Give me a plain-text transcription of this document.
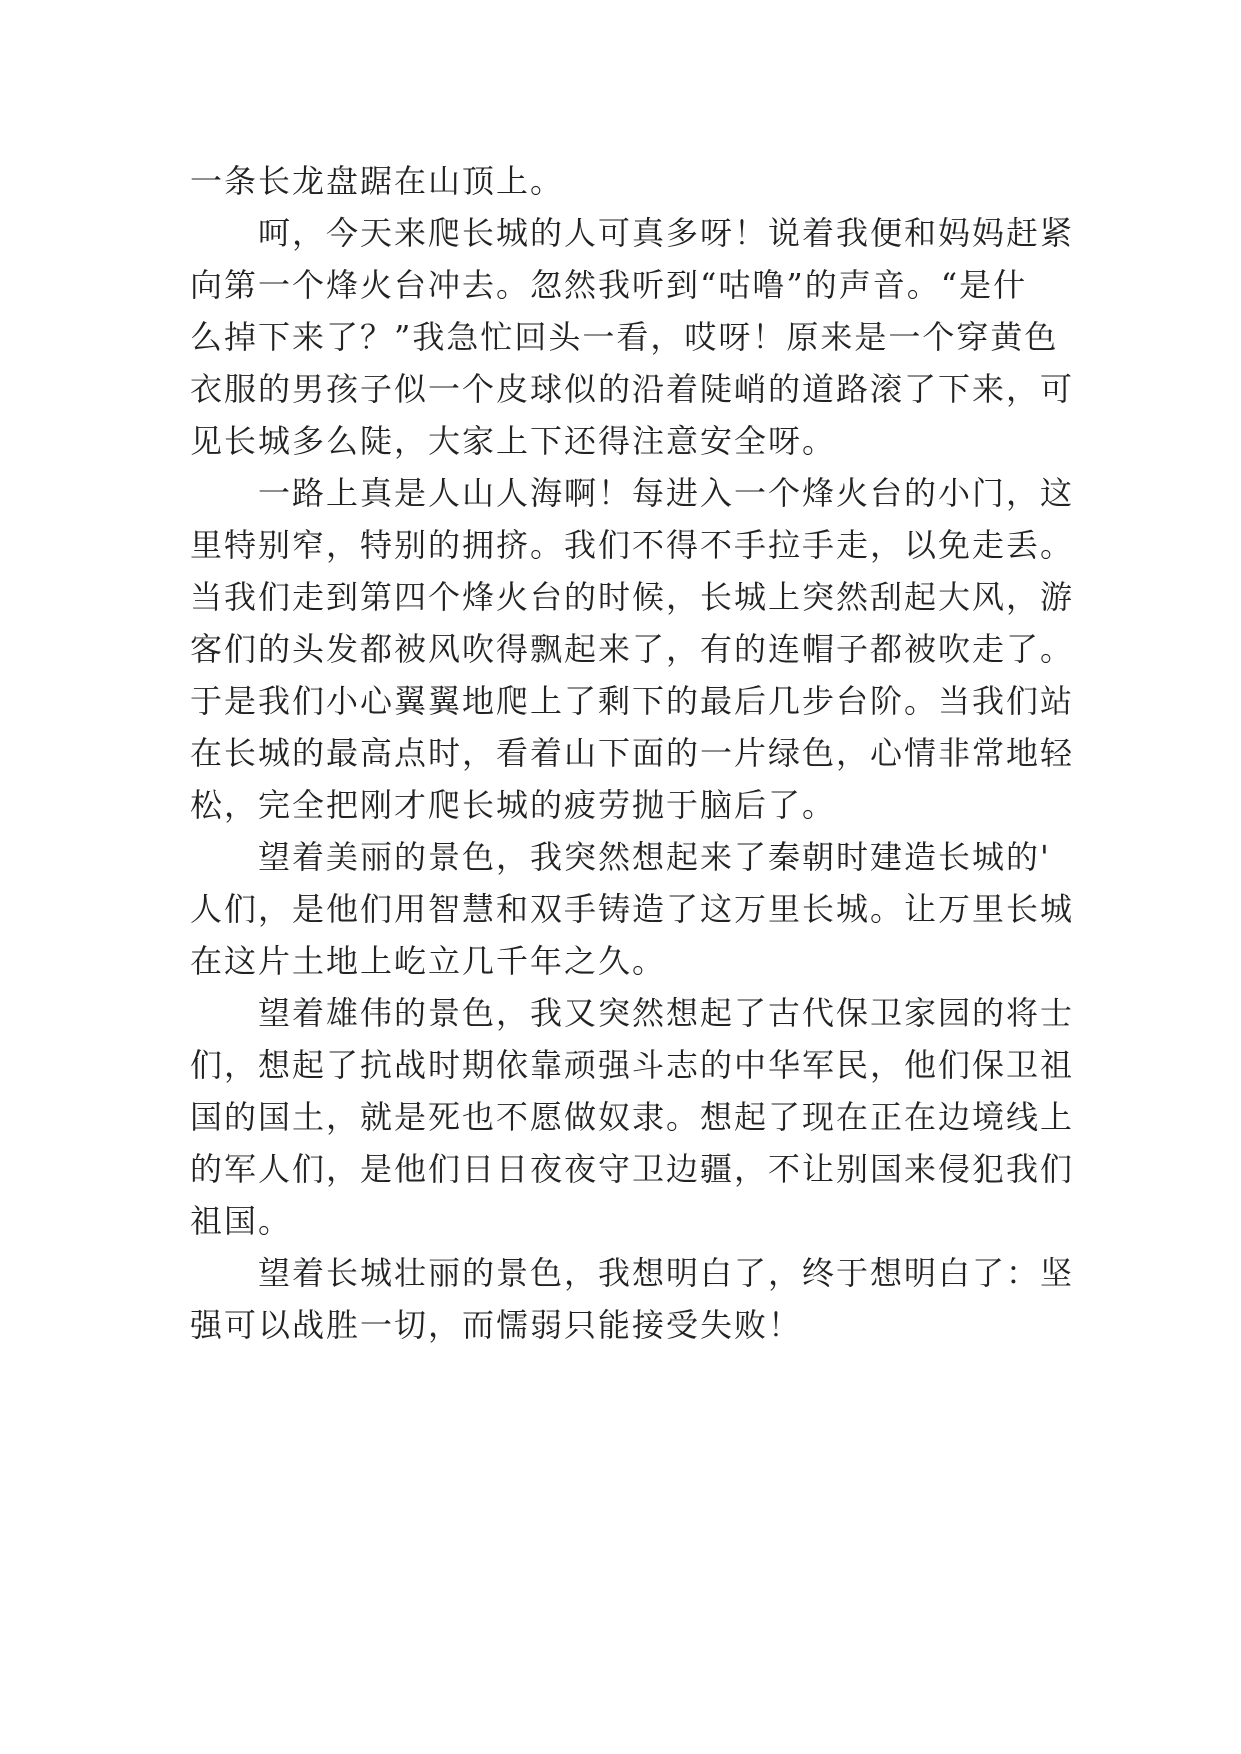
一条长龙盘踞在山顶上。
　　呵，今天来爬长城的人可真多呀！说着我便和妈妈赶紧
向第一个烽火台冲去。忽然我听到“咕噜”的声音。“是什
么掉下来了？”我急忙回头一看，哎呀！原来是一个穿黄色
衣服的男孩子似一个皮球似的沿着陡峭的道路滚了下来，可
见长城多么陡，大家上下还得注意安全呀。
　　一路上真是人山人海啊！每进入一个烽火台的小门，这
里特别窄，特别的拥挤。我们不得不手拉手走，以免走丢。
当我们走到第四个烽火台的时候，长城上突然刮起大风，游
客们的头发都被风吹得飘起来了，有的连帽子都被吹走了。
于是我们小心翼翼地爬上了剩下的最后几步台阶。当我们站
在长城的最高点时，看着山下面的一片绿色，心情非常地轻
松，完全把刚才爬长城的疲劳抛于脑后了。
　　望着美丽的景色，我突然想起来了秦朝时建造长城的'
人们，是他们用智慧和双手铸造了这万里长城。让万里长城
在这片土地上屹立几千年之久。
　　望着雄伟的景色，我又突然想起了古代保卫家园的将士
们，想起了抗战时期依靠顽强斗志的中华军民，他们保卫祖
国的国土，就是死也不愿做奴隶。想起了现在正在边境线上
的军人们，是他们日日夜夜守卫边疆，不让别国来侵犯我们
祖国。
　　望着长城壮丽的景色，我想明白了，终于想明白了：坚
强可以战胜一切，而懦弱只能接受失败！
